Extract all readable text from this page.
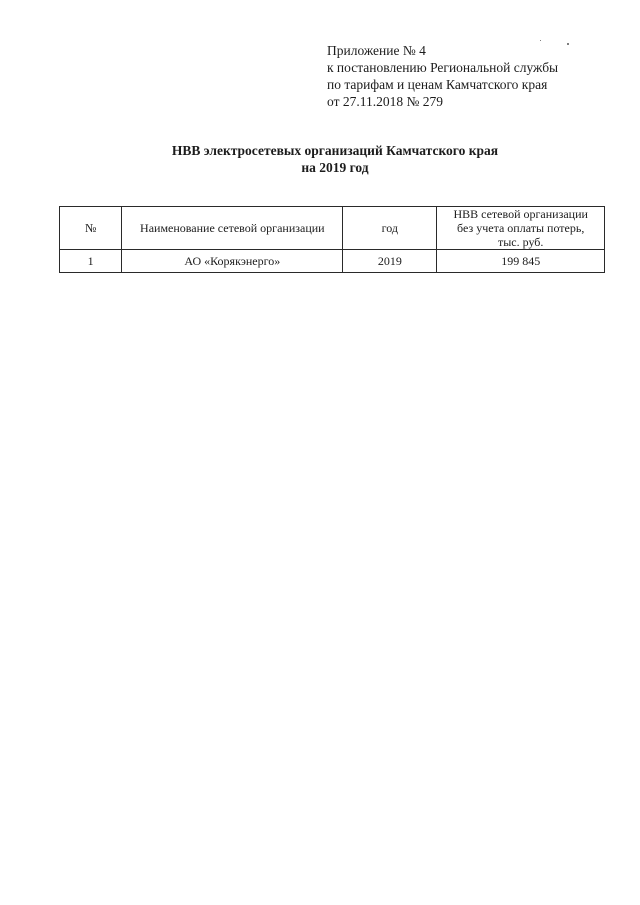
Приложение № 4
к постановлению Региональной службы
по тарифам и ценам Камчатского края
от 27.11.2018 № 279
НВВ электросетевых организаций Камчатского края
на 2019 год
№	Наименование сетевой организации	год	НВВ сетевой организации
без учета оплаты потерь,
тыс. руб.

1	АО «Корякэнерго»	2019	199 845
